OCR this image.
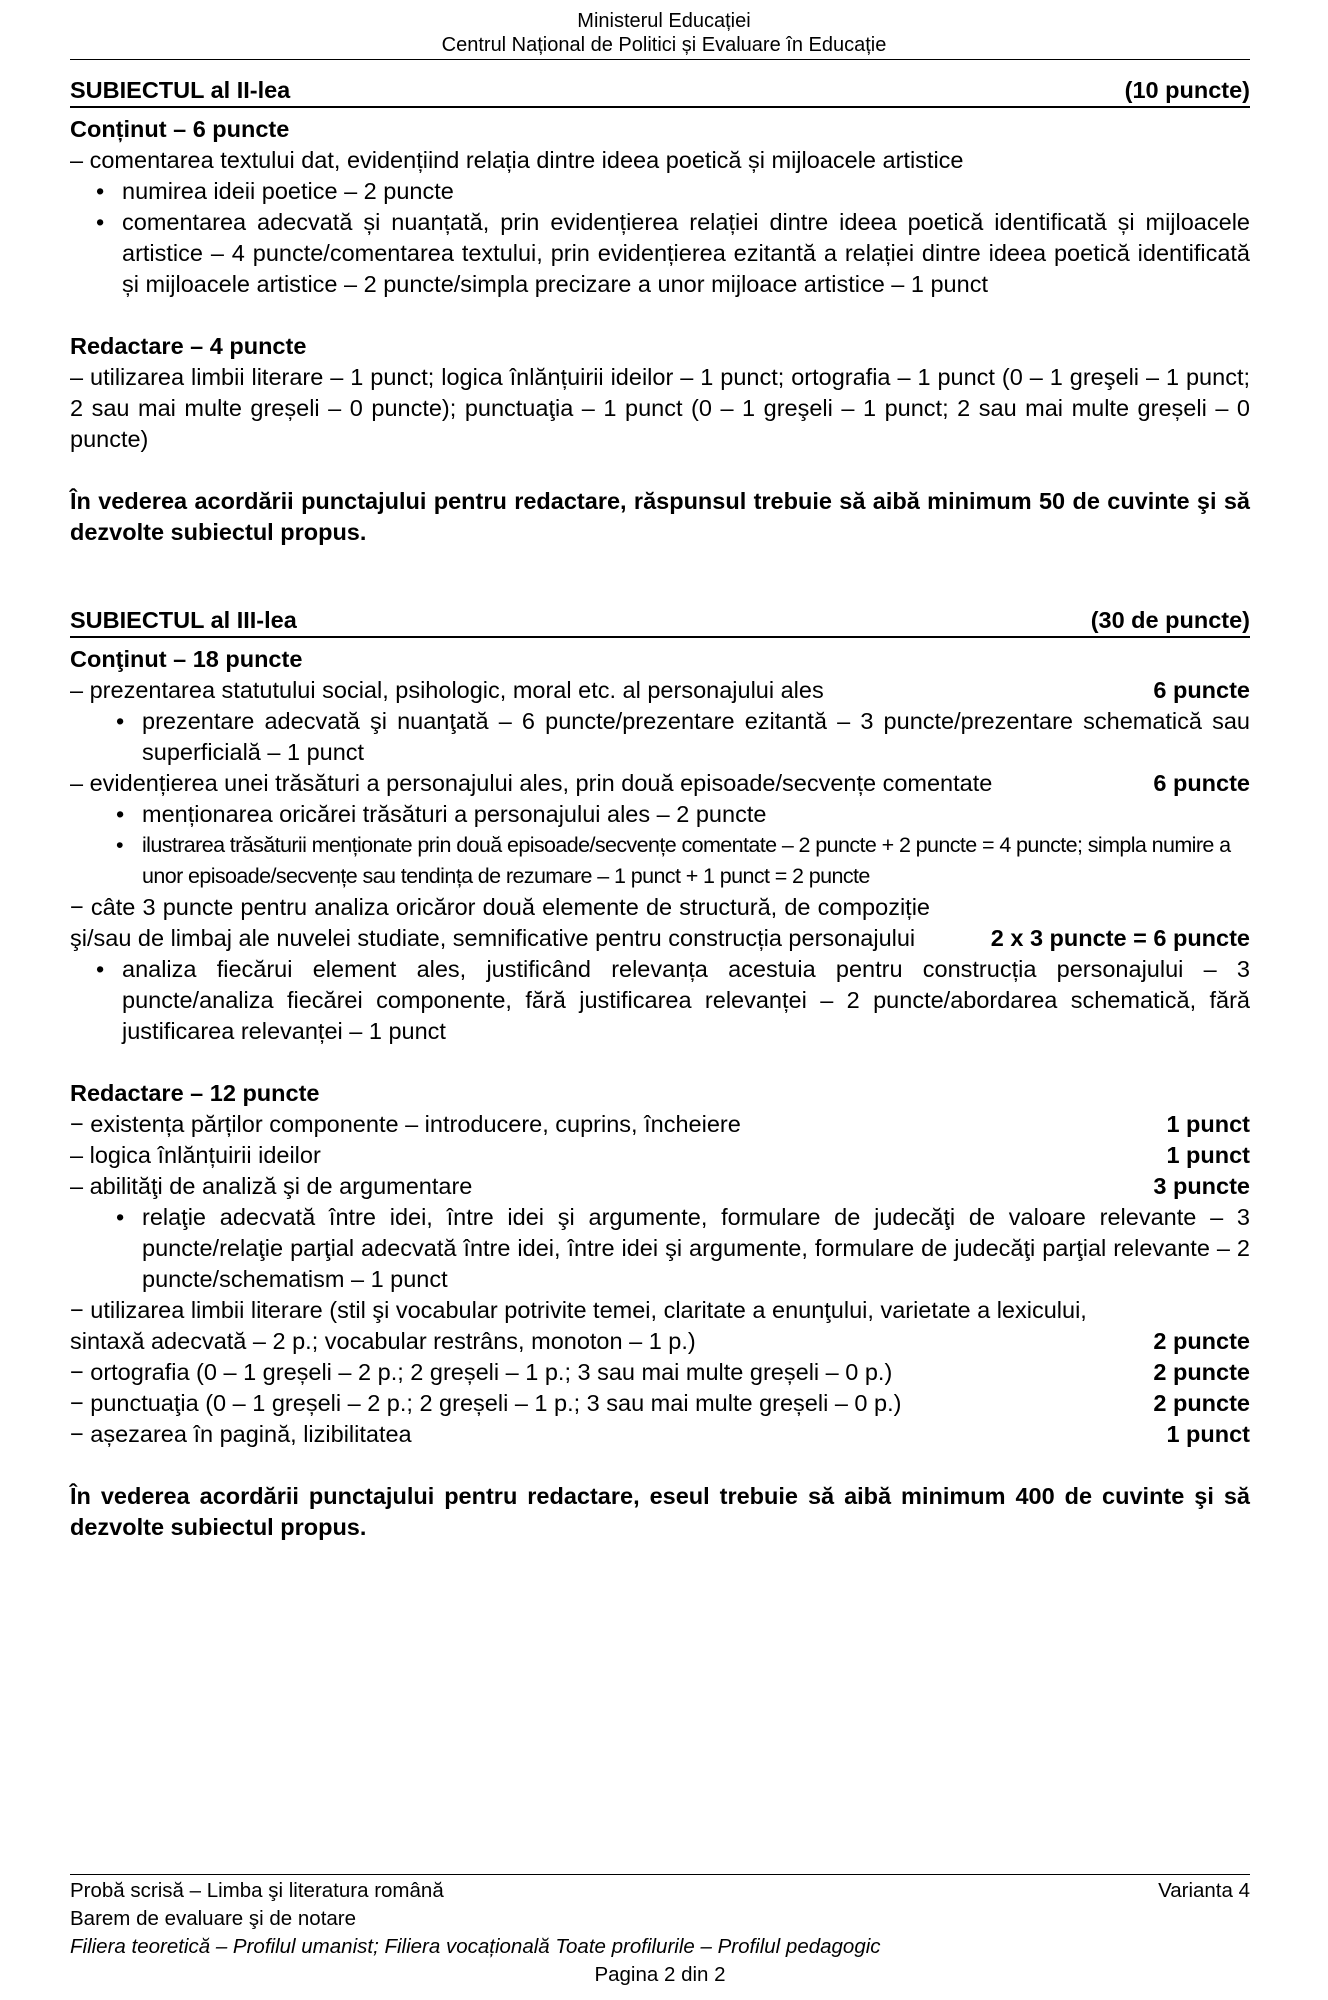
Ministerul Educației
Centrul Național de Politici și Evaluare în Educație
SUBIECTUL al II-lea	(10 puncte)
Conținut – 6 puncte
– comentarea textului dat, evidențiind relația dintre ideea poetică și mijloacele artistice
• numirea ideii poetice – 2 puncte
• comentarea adecvată și nuanțată, prin evidențierea relației dintre ideea poetică identificată și mijloacele artistice – 4 puncte/comentarea textului, prin evidențierea ezitantă a relației dintre ideea poetică identificată și mijloacele artistice – 2 puncte/simpla precizare a unor mijloace artistice – 1 punct
Redactare – 4 puncte
– utilizarea limbii literare – 1 punct; logica înlănțuirii ideilor – 1 punct; ortografia – 1 punct (0 – 1 greşeli – 1 punct; 2 sau mai multe greșeli – 0 puncte); punctuaţia – 1 punct (0 – 1 greşeli – 1 punct; 2 sau mai multe greșeli – 0 puncte)
În vederea acordării punctajului pentru redactare, răspunsul trebuie să aibă minimum 50 de cuvinte şi să dezvolte subiectul propus.
SUBIECTUL al III-lea	(30 de puncte)
Conţinut – 18 puncte
– prezentarea statutului social, psihologic, moral etc. al personajului ales	6 puncte
• prezentare adecvată şi nuanţată – 6 puncte/prezentare ezitantă – 3 puncte/prezentare schematică sau superficială – 1 punct
– evidențierea unei trăsături a personajului ales, prin două episoade/secvențe comentate	6 puncte
• menționarea oricărei trăsături a personajului ales – 2 puncte
• ilustrarea trăsăturii menționate prin două episoade/secvențe comentate – 2 puncte + 2 puncte = 4 puncte; simpla numire a unor episoade/secvențe sau tendința de rezumare – 1 punct + 1 punct = 2 puncte
− câte 3 puncte pentru analiza oricăror două elemente de structură, de compoziție şi/sau de limbaj ale nuvelei studiate, semnificative pentru construcția personajului	2 x 3 puncte = 6 puncte
• analiza fiecărui element ales, justificând relevanța acestuia pentru construcția personajului – 3 puncte/analiza fiecărei componente, fără justificarea relevanței – 2 puncte/abordarea schematică, fără justificarea relevanței – 1 punct
Redactare – 12 puncte
− existența părților componente – introducere, cuprins, încheiere	1 punct
– logica înlănțuirii ideilor	1 punct
– abilităţi de analiză şi de argumentare	3 puncte
• relaţie adecvată între idei, între idei şi argumente, formulare de judecăţi de valoare relevante – 3 puncte/relaţie parţial adecvată între idei, între idei şi argumente, formulare de judecăţi parţial relevante – 2 puncte/schematism – 1 punct
− utilizarea limbii literare (stil şi vocabular potrivite temei, claritate a enunţului, varietate a lexicului,
sintaxă adecvată – 2 p.; vocabular restrâns, monoton – 1 p.)	2 puncte
− ortografia (0 – 1 greșeli – 2 p.; 2 greșeli – 1 p.; 3 sau mai multe greșeli – 0 p.)	2 puncte
− punctuaţia (0 – 1 greșeli – 2 p.; 2 greșeli – 1 p.; 3 sau mai multe greșeli – 0 p.)	2 puncte
− așezarea în pagină, lizibilitatea	1 punct
În vederea acordării punctajului pentru redactare, eseul trebuie să aibă minimum 400 de cuvinte şi să dezvolte subiectul propus.
Probă scrisă – Limba şi literatura română	Varianta 4
Barem de evaluare şi de notare
Filiera teoretică – Profilul umanist; Filiera vocațională Toate profilurile – Profilul pedagogic
Pagina 2 din 2
